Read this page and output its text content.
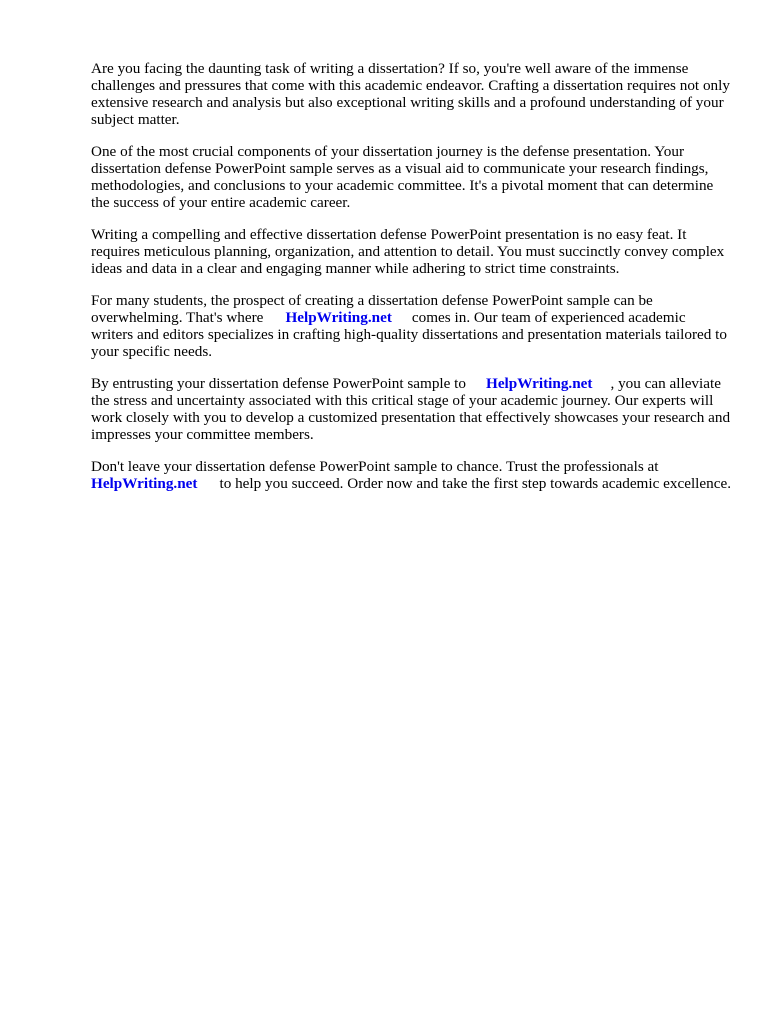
Are you facing the daunting task of writing a dissertation? If so, you're well aware of the immense challenges and pressures that come with this academic endeavor. Crafting a dissertation requires not only extensive research and analysis but also exceptional writing skills and a profound understanding of your subject matter.

One of the most crucial components of your dissertation journey is the defense presentation. Your dissertation defense PowerPoint sample serves as a visual aid to communicate your research findings, methodologies, and conclusions to your academic committee. It's a pivotal moment that can determine the success of your entire academic career.

Writing a compelling and effective dissertation defense PowerPoint presentation is no easy feat. It requires meticulous planning, organization, and attention to detail. You must succinctly convey complex ideas and data in a clear and engaging manner while adhering to strict time constraints.

For many students, the prospect of creating a dissertation defense PowerPoint sample can be overwhelming. That's where HelpWriting.net comes in. Our team of experienced academic writers and editors specializes in crafting high-quality dissertations and presentation materials tailored to your specific needs.

By entrusting your dissertation defense PowerPoint sample to HelpWriting.net , you can alleviate the stress and uncertainty associated with this critical stage of your academic journey. Our experts will work closely with you to develop a customized presentation that effectively showcases your research and impresses your committee members.

Don't leave your dissertation defense PowerPoint sample to chance. Trust the professionals at HelpWriting.net to help you succeed. Order now and take the first step towards academic excellence.
